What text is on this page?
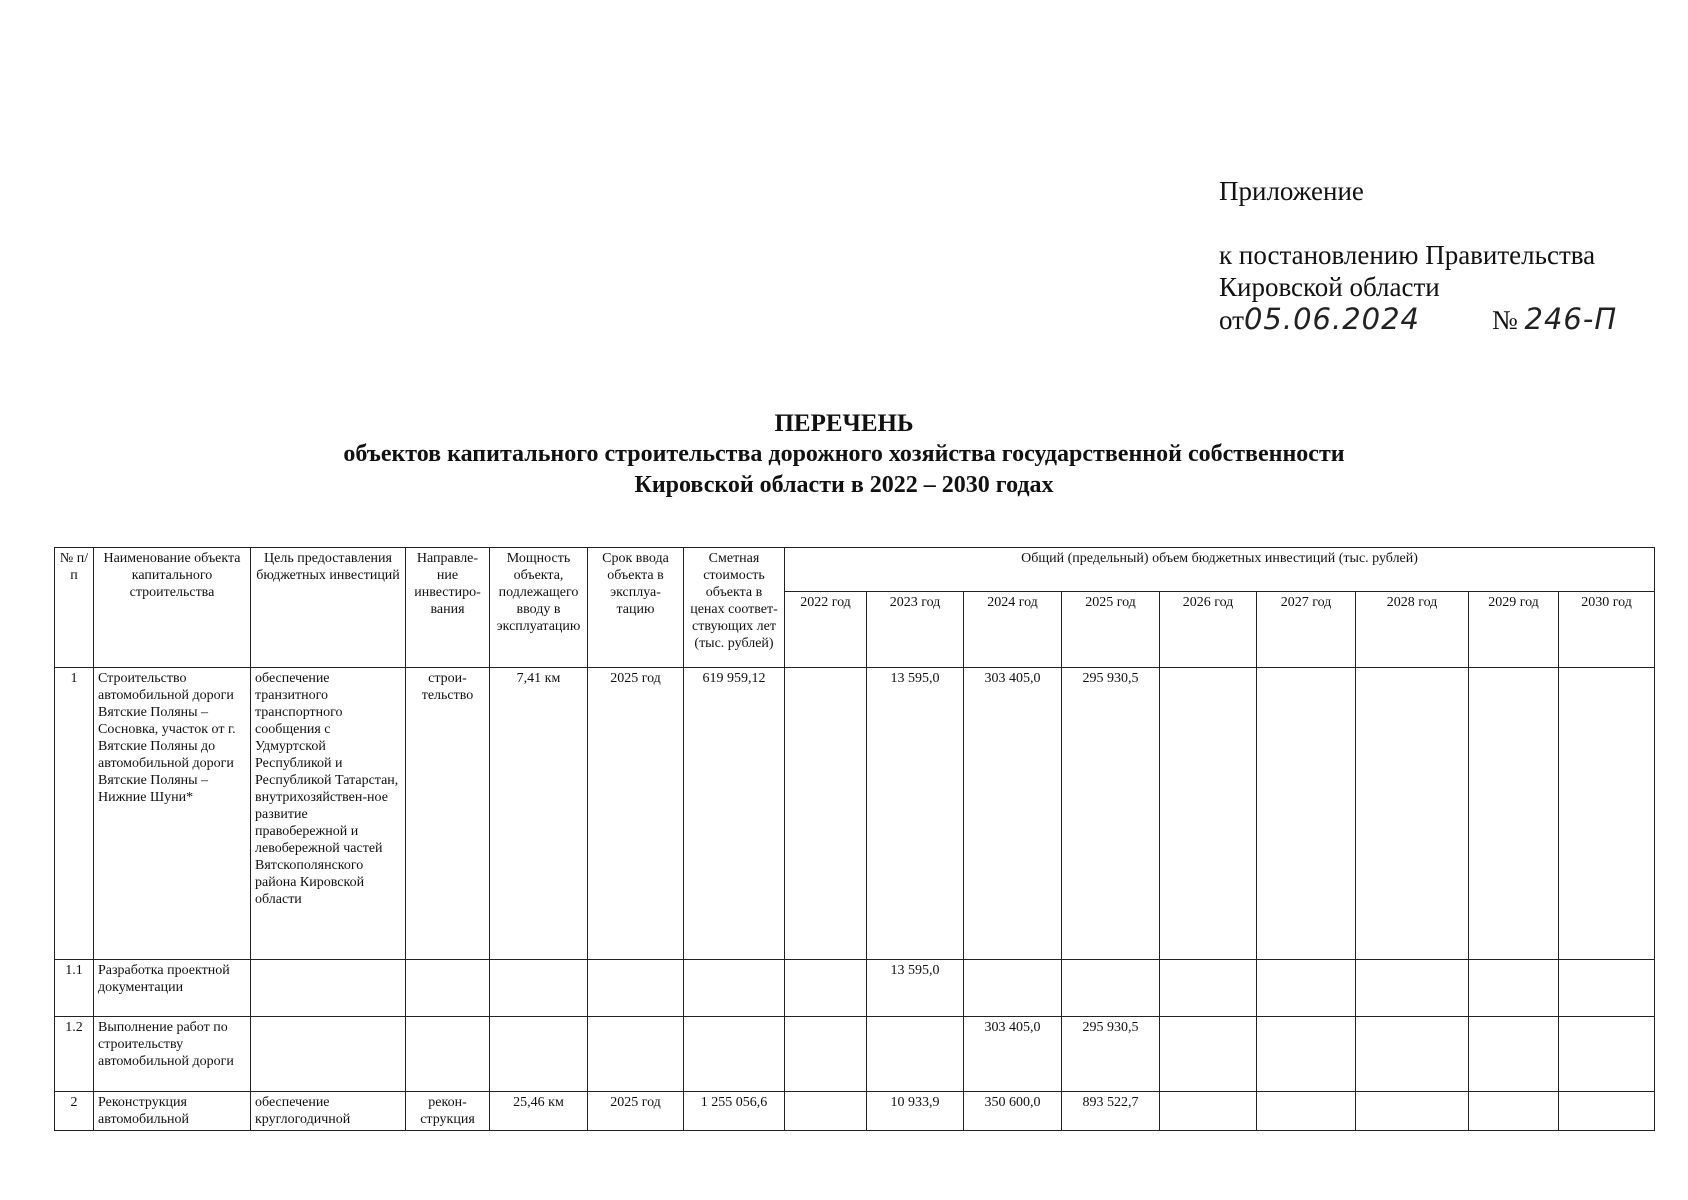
Приложение
к постановлению Правительства
Кировской области
от05.06.2024	№ 246-П
ПЕРЕЧЕНЬ
объектов капитального строительства дорожного хозяйства государственной собственности
Кировской области в 2022 – 2030 годах
№ п/п	Наименование объекта капитального строительства	Цель предоставления бюджетных инвестиций	Направле-ние инвестиро-вания	Мощность объекта, подлежащего вводу в эксплуатацию	Срок ввода объекта в эксплуа-тацию	Сметная стоимость объекта в ценах соответ-ствующих лет (тыс. рублей)	Общий (предельный) объем бюджетных инвестиций (тыс. рублей)								
							2022 год	2023 год	2024 год	2025 год	2026 год	2027 год	2028 год	2029 год	2030 год
1	Строительство автомобильной дороги Вятские Поляны – Сосновка, участок от г. Вятские Поляны до автомобильной дороги Вятские Поляны – Нижние Шуни*	обеспечение транзитного транспортного сообщения с Удмуртской Республикой и Республикой Татарстан, внутрихозяйствен-ное развитие правобережной и левобережной частей Вятскополянского района Кировской области	строи-тельство	7,41 км	2025 год	619 959,12		13 595,0	303 405,0	295 930,5					
1.1	Разработка проектной документации							13 595,0							
1.2	Выполнение работ по строительству автомобильной дороги								303 405,0	295 930,5					
2	Реконструкция автомобильной	обеспечение круглогодичной	рекон-струкция	25,46 км	2025 год	1 255 056,6		10 933,9	350 600,0	893 522,7					
